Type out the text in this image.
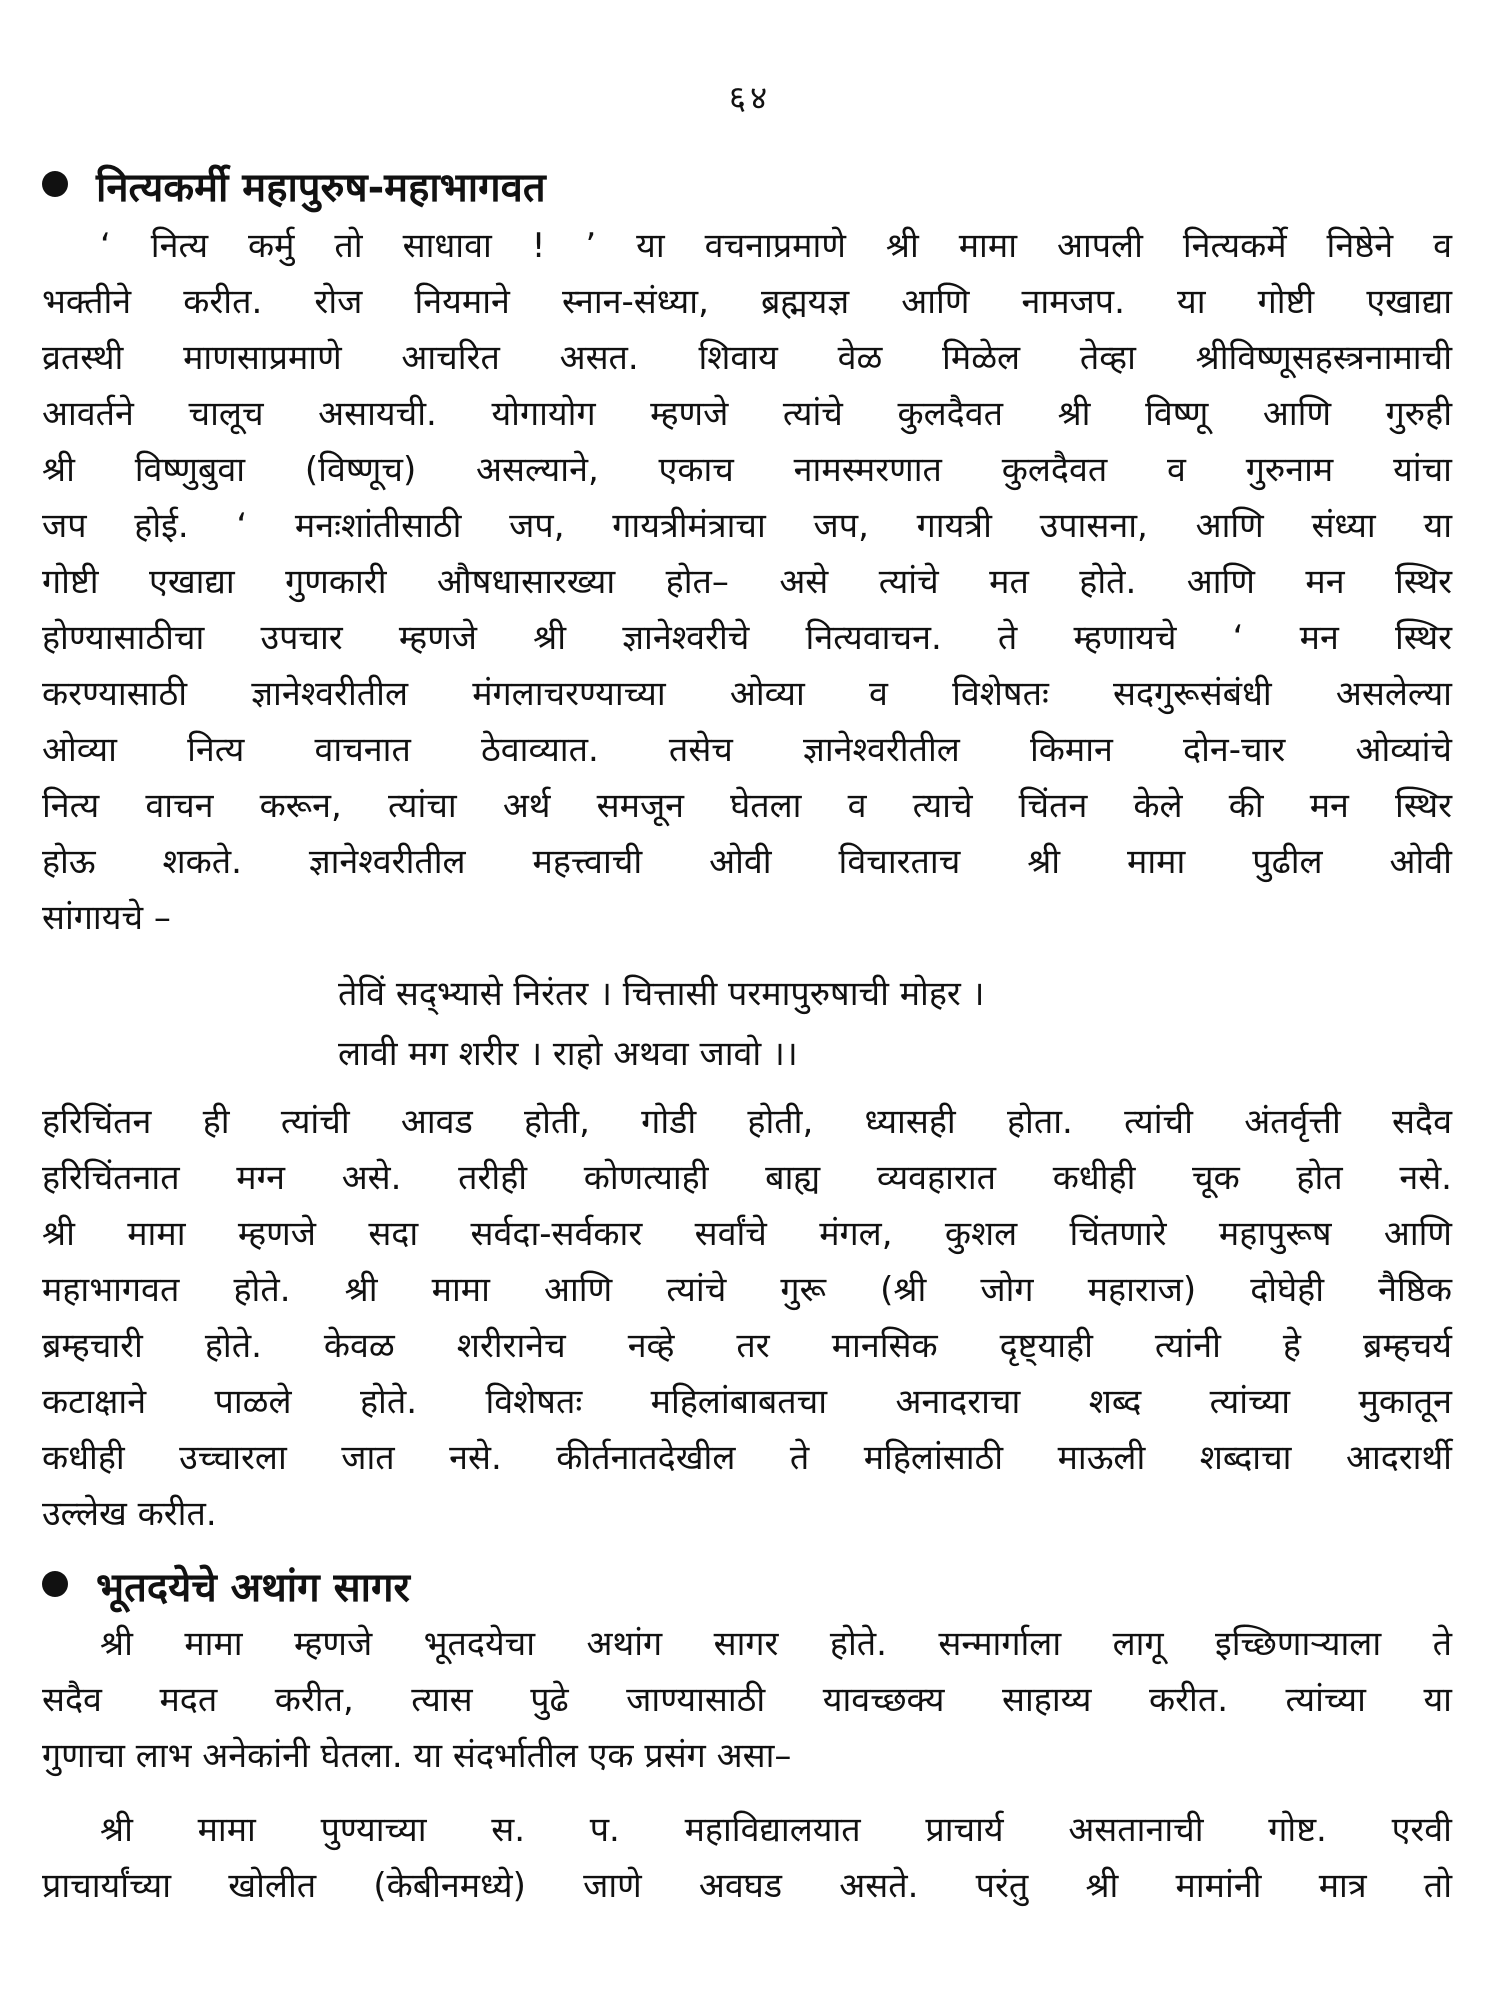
६४
नित्यकर्मी महापुरुष-महाभागवत
‘ नित्य कर्मु तो साधावा ! ’ या वचनाप्रमाणे श्री मामा आपली नित्यकर्मे निष्ठेने व
भक्तीने करीत. रोज नियमाने स्नान-संध्या, ब्रह्मयज्ञ आणि नामजप. या गोष्टी एखाद्या
व्रतस्थी माणसाप्रमाणे आचरित असत. शिवाय वेळ मिळेल तेव्हा श्रीविष्णूसहस्त्रनामाची
आवर्तने चालूच असायची. योगायोग म्हणजे त्यांचे कुलदैवत श्री विष्णू आणि गुरुही
श्री विष्णुबुवा (विष्णूच) असल्याने, एकाच नामस्मरणात कुलदैवत व गुरुनाम यांचा
जप होई. ‘ मनःशांतीसाठी जप, गायत्रीमंत्राचा जप, गायत्री उपासना, आणि संध्या या
गोष्टी एखाद्या गुणकारी औषधासारख्या होत– असे त्यांचे मत होते. आणि मन स्थिर
होण्यासाठीचा उपचार म्हणजे श्री ज्ञानेश्वरीचे नित्यवाचन. ते म्हणायचे ‘ मन स्थिर
करण्यासाठी ज्ञानेश्वरीतील मंगलाचरण्याच्या ओव्या व विशेषतः सदगुरूसंबंधी असलेल्या
ओव्या नित्य वाचनात ठेवाव्यात. तसेच ज्ञानेश्वरीतील किमान दोन-चार ओव्यांचे
नित्य वाचन करून, त्यांचा अर्थ समजून घेतला व त्याचे चिंतन केले की मन स्थिर
होऊ शकते. ज्ञानेश्वरीतील महत्त्वाची ओवी विचारताच श्री मामा पुढील ओवी
सांगायचे –
तेविं सद्भ्यासे निरंतर । चित्तासी परमापुरुषाची मोहर ।
लावी मग शरीर । राहो अथवा जावो ।।
हरिचिंतन ही त्यांची आवड होती, गोडी होती, ध्यासही होता. त्यांची अंतर्वृत्ती सदैव
हरिचिंतनात मग्न असे. तरीही कोणत्याही बाह्य व्यवहारात कधीही चूक होत नसे.
श्री मामा म्हणजे सदा सर्वदा-सर्वकार सर्वांचे मंगल, कुशल चिंतणारे महापुरूष आणि
महाभागवत होते. श्री मामा आणि त्यांचे गुरू (श्री जोग महाराज) दोघेही नैष्ठिक
ब्रम्हचारी होते. केवळ शरीरानेच नव्हे तर मानसिक दृष्ट्याही त्यांनी हे ब्रम्हचर्य
कटाक्षाने पाळले होते. विशेषतः महिलांबाबतचा अनादराचा शब्द त्यांच्या मुकातून
कधीही उच्चारला जात नसे. कीर्तनातदेखील ते महिलांसाठी माऊली शब्दाचा आदरार्थी
उल्लेख करीत.
भूतदयेचे अथांग सागर
श्री मामा म्हणजे भूतदयेचा अथांग सागर होते. सन्मार्गाला लागू इच्छिणाऱ्याला ते
सदैव मदत करीत, त्यास पुढे जाण्यासाठी यावच्छक्य साहाय्य करीत. त्यांच्या या
गुणाचा लाभ अनेकांनी घेतला. या संदर्भातील एक प्रसंग असा–
श्री मामा पुण्याच्या स. प. महाविद्यालयात प्राचार्य असतानाची गोष्ट. एरवी
प्राचार्यांच्या खोलीत (केबीनमध्ये) जाणे अवघड असते. परंतु श्री मामांनी मात्र तो
